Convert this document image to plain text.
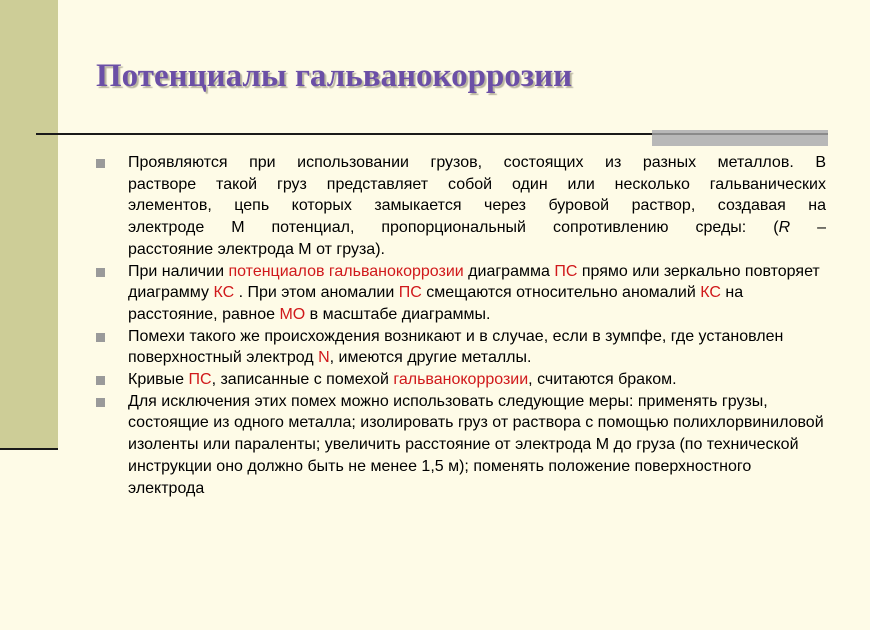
Потенциалы гальванокоррозии
Проявляются при использовании грузов, состоящих из разных металлов. В
растворе такой груз представляет собой один или несколько гальванических
элементов, цепь которых замыкается через буровой раствор, создавая на
электроде М потенциал, пропорциональный сопротивлению среды: (R –
расстояние электрода М от груза).
При наличии потенциалов гальванокоррозии диаграмма ПС прямо или зеркально повторяет диаграмму КС . При этом аномалии ПС смещаются относительно аномалий КС на расстояние, равное МО в масштабе диаграммы.
Помехи такого же происхождения возникают и в случае, если в зумпфе, где установлен поверхностный электрод N, имеются другие металлы.
Кривые ПС, записанные с помехой гальванокоррозии, считаются браком.
Для исключения этих помех можно использовать следующие меры: применять грузы, состоящие из одного металла; изолировать груз от раствора с помощью полихлорвиниловой изоленты или параленты; увеличить расстояние от электрода М до груза (по технической инструкции оно должно быть не менее 1,5 м); поменять положение поверхностного электрода
